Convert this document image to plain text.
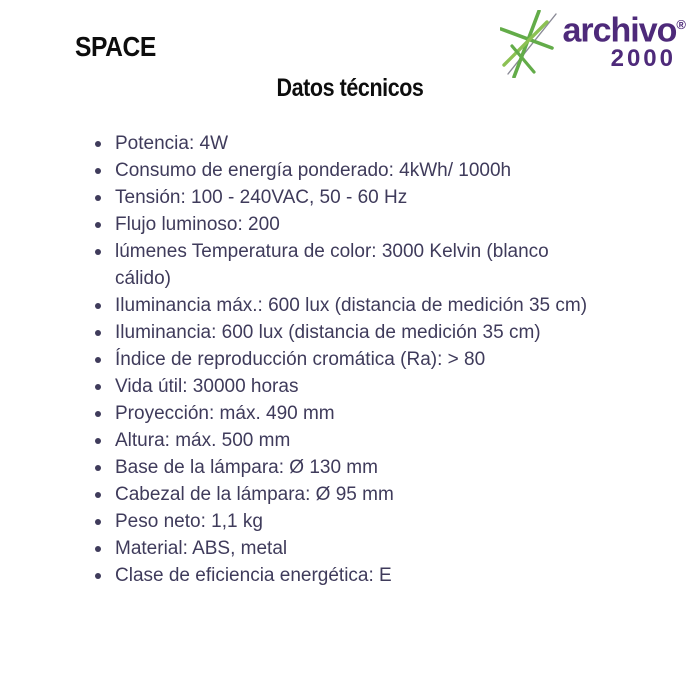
SPACE	archivo®
2000
Datos técnicos
Potencia: 4W
Consumo de energía ponderado: 4kWh/ 1000h
Tensión: 100 - 240VAC, 50 - 60 Hz
Flujo luminoso: 200
lúmenes Temperatura de color: 3000 Kelvin (blanco cálido)
Iluminancia máx.: 600 lux (distancia de medición 35 cm)
Iluminancia: 600 lux (distancia de medición 35 cm)
Índice de reproducción cromática (Ra): > 80
Vida útil: 30000 horas
Proyección: máx. 490 mm
Altura: máx. 500 mm
Base de la lámpara: Ø 130 mm
Cabezal de la lámpara: Ø 95 mm
Peso neto: 1,1 kg
Material: ABS, metal
Clase de eficiencia energética: E
